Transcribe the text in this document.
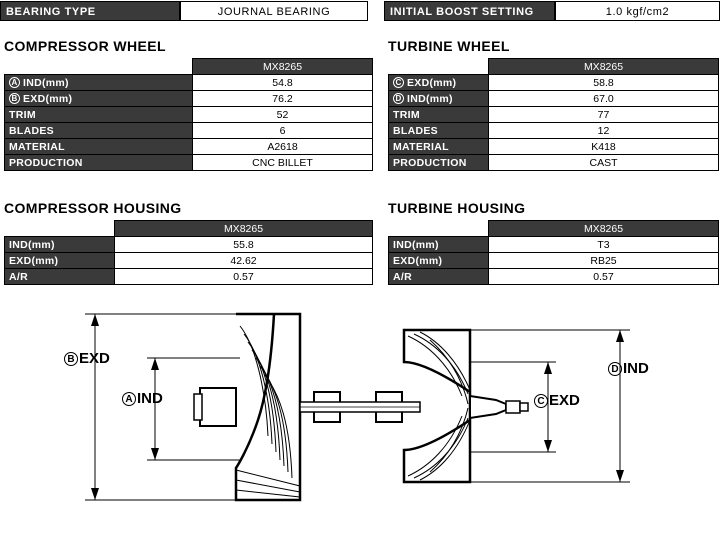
BEARING TYPE	JOURNAL BEARING	INITIAL BOOST SETTING	1.0 kgf/cm2
COMPRESSOR WHEEL
	MX8265
A IND(mm)	54.8
B EXD(mm)	76.2
TRIM	52
BLADES	6
MATERIAL	A2618
PRODUCTION	CNC BILLET
TURBINE WHEEL
	MX8265
C EXD(mm)	58.8
D IND(mm)	67.0
TRIM	77
BLADES	12
MATERIAL	K418
PRODUCTION	CAST
COMPRESSOR HOUSING
	MX8265
IND(mm)	55.8
EXD(mm)	42.62
A/R	0.57
TURBINE HOUSING
	MX8265
IND(mm)	T3
EXD(mm)	RB25
A/R	0.57
B EXD
A IND	C EXD
D IND
